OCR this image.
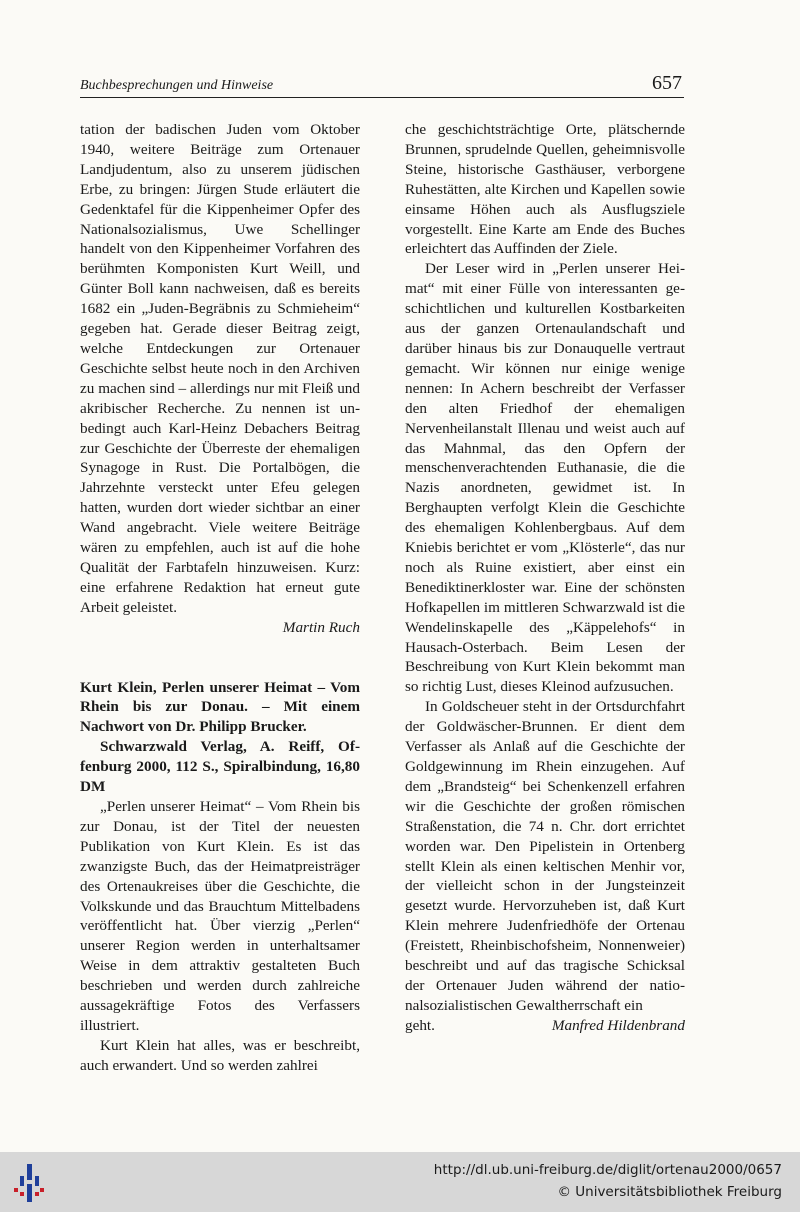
Buchbesprechungen und Hinweise	657

tation der badischen Juden vom Oktober 1940, weitere Beiträge zum Ortenauer Landjudentum, also zu unserem jüdischen Erbe, zu bringen: Jürgen Stude erläutert die Gedenktafel für die Kippenheimer Opfer des Nationalsozialismus, Uwe Schellinger handelt von den Kippenheimer Vorfahren des berühmten Komponisten Kurt Weill, und Günter Boll kann nachweisen, daß es bereits 1682 ein „Juden-Begräbnis zu Schmieheim“ gegeben hat. Gerade dieser Beitrag zeigt, welche Entdeckungen zur Ortenauer Geschichte selbst heute noch in den Archiven zu machen sind – allerdings nur mit Fleiß und akribischer Recherche. Zu nennen ist unbedingt auch Karl-Heinz Debachers Beitrag zur Geschichte der Überreste der ehemaligen Synagoge in Rust. Die Portalbögen, die Jahrzehnte versteckt unter Efeu gelegen hatten, wurden dort wieder sichtbar an einer Wand angebracht. Viele weitere Beiträge wären zu empfehlen, auch ist auf die hohe Qualität der Farbtafeln hinzuweisen. Kurz: eine erfahrene Redaktion hat erneut gute Arbeit geleistet.

Martin Ruch

Kurt Klein, Perlen unserer Heimat – Vom Rhein bis zur Donau. – Mit einem Nachwort von Dr. Philipp Brucker.
Schwarzwald Verlag, A. Reiff, Offenburg 2000, 112 S., Spiralbindung, 16,80 DM

„Perlen unserer Heimat“ – Vom Rhein bis zur Donau, ist der Titel der neuesten Publikation von Kurt Klein. Es ist das zwanzigste Buch, das der Heimatpreisträger des Ortenaukreises über die Geschichte, die Volkskunde und das Brauchtum Mittelbadens veröffentlicht hat. Über vierzig „Perlen“ unserer Region werden in unterhaltsamer Weise in dem attraktiv gestalteten Buch beschrieben und werden durch zahlreiche aussagekräftige Fotos des Verfassers illustriert.

Kurt Klein hat alles, was er beschreibt, auch erwandert. Und so werden zahlrei

che geschichtsträchtige Orte, plätschernde Brunnen, sprudelnde Quellen, geheimnisvolle Steine, historische Gasthäuser, verborgene Ruhestätten, alte Kirchen und Kapellen sowie einsame Höhen auch als Ausflugsziele vorgestellt. Eine Karte am Ende des Buches erleichtert das Auffinden der Ziele.

Der Leser wird in „Perlen unserer Heimat“ mit einer Fülle von interessanten geschichtlichen und kulturellen Kostbarkeiten aus der ganzen Ortenaulandschaft und darüber hinaus bis zur Donauquelle vertraut gemacht. Wir können nur einige wenige nennen: In Achern beschreibt der Verfasser den alten Friedhof der ehemaligen Nervenheilanstalt Illenau und weist auch auf das Mahnmal, das den Opfern der menschenverachtenden Euthanasie, die die Nazis anordneten, gewidmet ist. In Berghaupten verfolgt Klein die Geschichte des ehemaligen Kohlenbergbaus. Auf dem Kniebis berichtet er vom „Klösterle“, das nur noch als Ruine existiert, aber einst ein Benediktinerkloster war. Eine der schönsten Hofkapellen im mittleren Schwarzwald ist die Wendelinskapelle des „Käppelehofs“ in Hausach-Osterbach. Beim Lesen der Beschreibung von Kurt Klein bekommt man so richtig Lust, dieses Kleinod aufzusuchen.

In Goldscheuer steht in der Ortsdurchfahrt der Goldwäscher-Brunnen. Er dient dem Verfasser als Anlaß auf die Geschichte der Goldgewinnung im Rhein einzugehen. Auf dem „Brandsteig“ bei Schenkenzell erfahren wir die Geschichte der großen römischen Straßenstation, die 74 n. Chr. dort errichtet worden war. Den Pipelistein in Ortenberg stellt Klein als einen keltischen Menhir vor, der vielleicht schon in der Jungsteinzeit gesetzt wurde. Hervorzuheben ist, daß Kurt Klein mehrere Judenfriedhöfe der Ortenau (Freistett, Rheinbischofsheim, Nonnenweier) beschreibt und auf das tragische Schicksal der Ortenauer Juden während der nationalsozialistischen Gewaltherrschaft ein

geht.	Manfred Hildenbrand
http://dl.ub.uni-freiburg.de/diglit/ortenau2000/0657
© Universitätsbibliothek Freiburg
